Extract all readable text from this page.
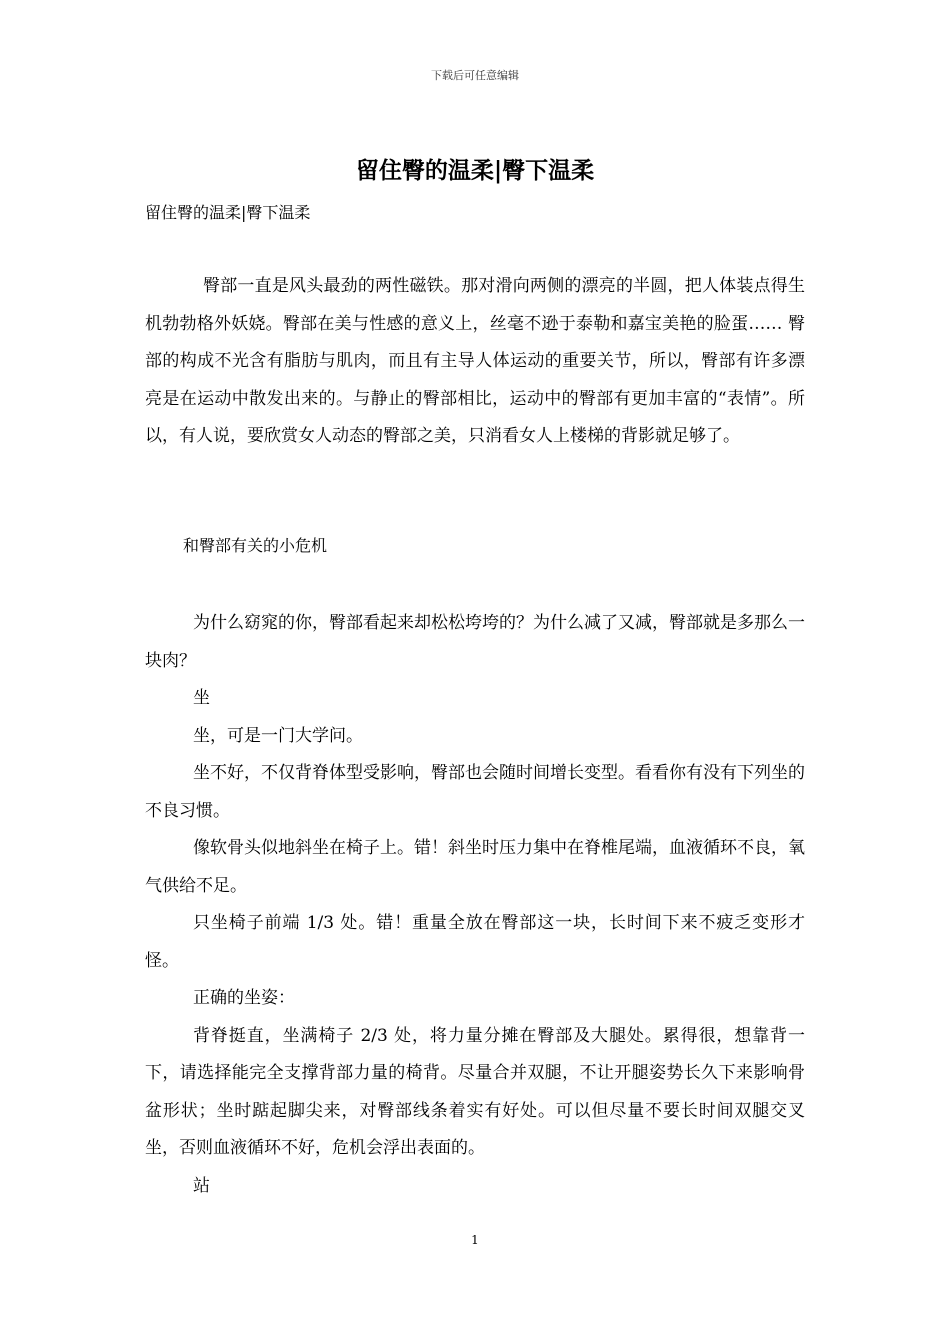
下载后可任意编辑
留住臀的温柔|臀下温柔
留住臀的温柔|臀下温柔

臀部一直是风头最劲的两性磁铁。那对滑向两侧的漂亮的半圆，把人体装点得生机勃勃格外妖娆。臀部在美与性感的意义上，丝毫不逊于泰勒和嘉宝美艳的脸蛋…… 臀部的构成不光含有脂肪与肌肉，而且有主导人体运动的重要关节，所以，臀部有许多漂亮是在运动中散发出来的。与静止的臀部相比，运动中的臀部有更加丰富的“表情”。所以，有人说，要欣赏女人动态的臀部之美，只消看女人上楼梯的背影就足够了。

和臀部有关的小危机

为什么窈窕的你，臀部看起来却松松垮垮的？为什么减了又减，臀部就是多那么一块肉？

坐

坐，可是一门大学问。

坐不好，不仅背脊体型受影响，臀部也会随时间增长变型。看看你有没有下列坐的不良习惯。

像软骨头似地斜坐在椅子上。错！斜坐时压力集中在脊椎尾端，血液循环不良，氧气供给不足。

只坐椅子前端 1/3 处。错！重量全放在臀部这一块，长时间下来不疲乏变形才怪。

正确的坐姿：

背脊挺直，坐满椅子 2/3 处，将力量分摊在臀部及大腿处。累得很，想靠背一下，请选择能完全支撑背部力量的椅背。尽量合并双腿，不让开腿姿势长久下来影响骨盆形状；坐时踮起脚尖来，对臀部线条着实有好处。可以但尽量不要长时间双腿交叉坐，否则血液循环不好，危机会浮出表面的。

站

1
